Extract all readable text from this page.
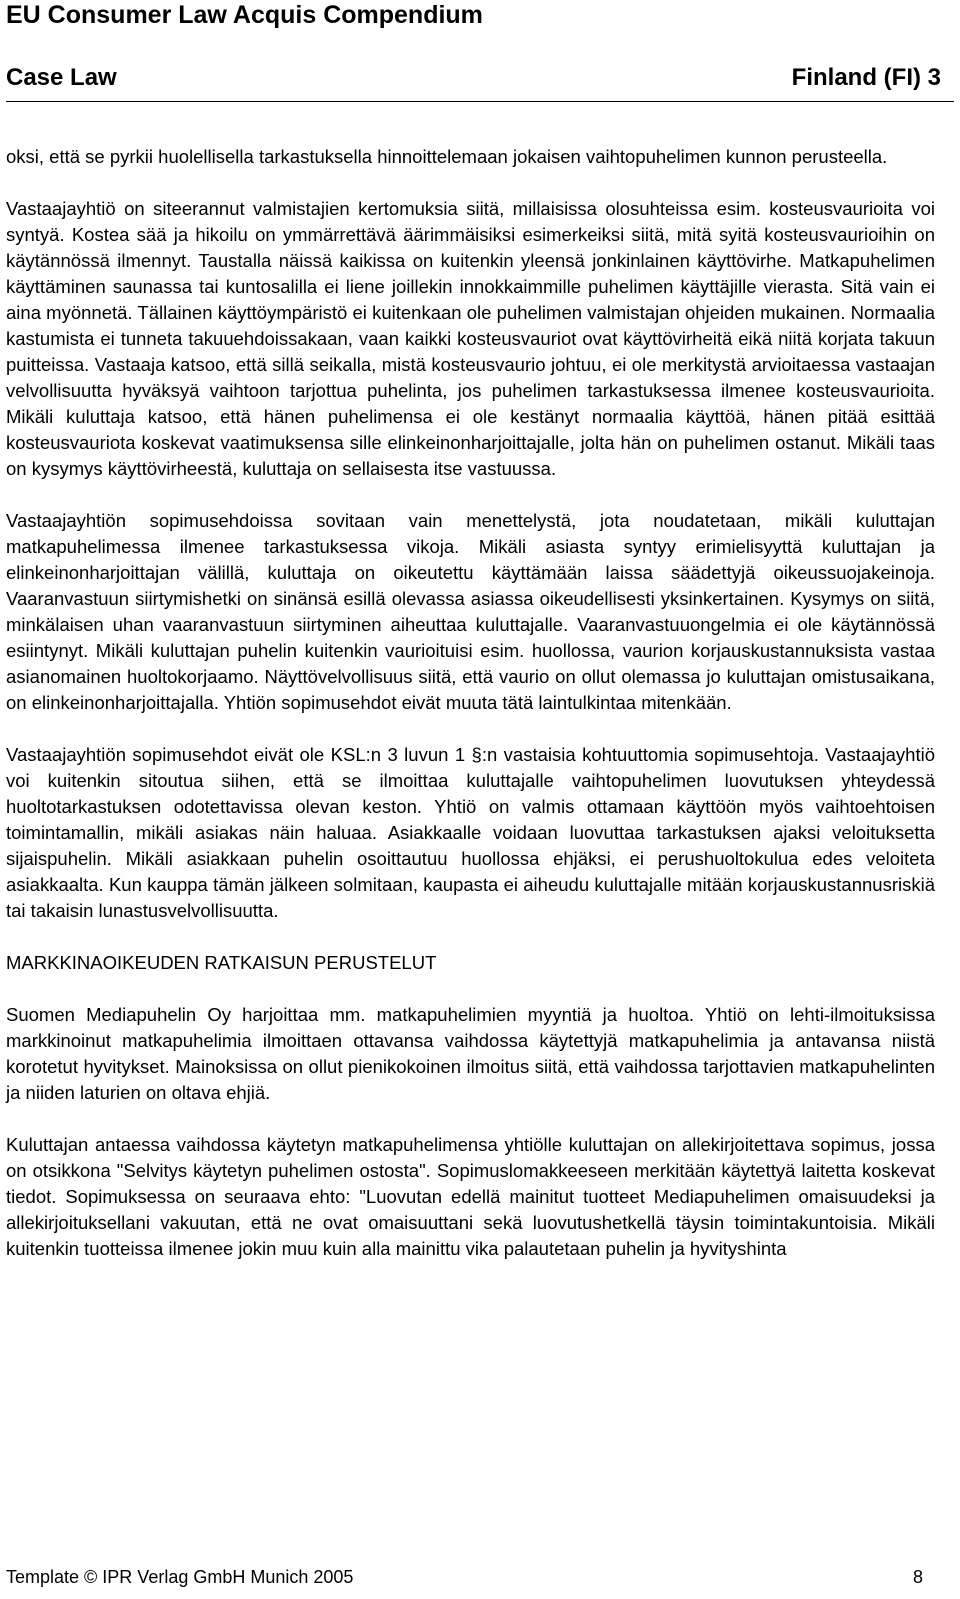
EU Consumer Law Acquis Compendium
Case Law	Finland (FI) 3

oksi, että se pyrkii huolellisella tarkastuksella hinnoittelemaan jokaisen vaihtopuhelimen kunnon perusteella.

Vastaajayhtiö on siteerannut valmistajien kertomuksia siitä, millaisissa olosuhteissa esim. kosteusvaurioita voi syntyä. Kostea sää ja hikoilu on ymmärrettävä äärimmäisiksi esimerkeiksi siitä, mitä syitä kosteusvaurioihin on käytännössä ilmennyt. Taustalla näissä kaikissa on kuitenkin yleensä jonkinlainen käyttövirhe. Matkapuhelimen käyttäminen saunassa tai kuntosalilla ei liene joillekin innokkaimmille puhelimen käyttäjille vierasta. Sitä vain ei aina myönnetä. Tällainen käyttöympäristö ei kuitenkaan ole puhelimen valmistajan ohjeiden mukainen. Normaalia kastumista ei tunneta takuuehdoissakaan, vaan kaikki kosteusvauriot ovat käyttövirheitä eikä niitä korjata takuun puitteissa. Vastaaja katsoo, että sillä seikalla, mistä kosteusvaurio johtuu, ei ole merkitystä arvioitaessa vastaajan velvollisuutta hyväksyä vaihtoon tarjottua puhelinta, jos puhelimen tarkastuksessa ilmenee kosteusvaurioita. Mikäli kuluttaja katsoo, että hänen puhelimensa ei ole kestänyt normaalia käyttöä, hänen pitää esittää kosteusvauriota koskevat vaatimuksensa sille elinkeinonharjoittajalle, jolta hän on puhelimen ostanut. Mikäli taas on kysymys käyttövirheestä, kuluttaja on sellaisesta itse vastuussa.

Vastaajayhtiön sopimusehdoissa sovitaan vain menettelystä, jota noudatetaan, mikäli kuluttajan matkapuhelimessa ilmenee tarkastuksessa vikoja. Mikäli asiasta syntyy erimielisyyttä kuluttajan ja elinkeinonharjoittajan välillä, kuluttaja on oikeutettu käyttämään laissa säädettyjä oikeussuojakeinoja. Vaaranvastuun siirtymishetki on sinänsä esillä olevassa asiassa oikeudellisesti yksinkertainen. Kysymys on siitä, minkälaisen uhan vaaranvastuun siirtyminen aiheuttaa kuluttajalle. Vaaranvastuuongelmia ei ole käytännössä esiintynyt. Mikäli kuluttajan puhelin kuitenkin vaurioituisi esim. huollossa, vaurion korjauskustannuksista vastaa asianomainen huoltokorjaamo. Näyttövelvollisuus siitä, että vaurio on ollut olemassa jo kuluttajan omistusaikana, on elinkeinonharjoittajalla. Yhtiön sopimusehdot eivät muuta tätä laintulkintaa mitenkään.

Vastaajayhtiön sopimusehdot eivät ole KSL:n 3 luvun 1 §:n vastaisia kohtuuttomia sopimusehtoja. Vastaajayhtiö voi kuitenkin sitoutua siihen, että se ilmoittaa kuluttajalle vaihtopuhelimen luovutuksen yhteydessä huoltotarkastuksen odotettavissa olevan keston. Yhtiö on valmis ottamaan käyttöön myös vaihtoehtoisen toimintamallin, mikäli asiakas näin haluaa. Asiakkaalle voidaan luovuttaa tarkastuksen ajaksi veloituksetta sijaispuhelin. Mikäli asiakkaan puhelin osoittautuu huollossa ehjäksi, ei perushuoltokulua edes veloiteta asiakkaalta. Kun kauppa tämän jälkeen solmitaan, kaupasta ei aiheudu kuluttajalle mitään korjauskustannusriskiä tai takaisin lunastusvelvollisuutta.

MARKKINAOIKEUDEN RATKAISUN PERUSTELUT

Suomen Mediapuhelin Oy harjoittaa mm. matkapuhelimien myyntiä ja huoltoa. Yhtiö on lehti-ilmoituksissa markkinoinut matkapuhelimia ilmoittaen ottavansa vaihdossa käytettyjä matkapuhelimia ja antavansa niistä korotetut hyvitykset. Mainoksissa on ollut pienikokoinen ilmoitus siitä, että vaihdossa tarjottavien matkapuhelinten ja niiden laturien on oltava ehjiä.

Kuluttajan antaessa vaihdossa käytetyn matkapuhelimensa yhtiölle kuluttajan on allekirjoitettava sopimus, jossa on otsikkona "Selvitys käytetyn puhelimen ostosta". Sopimuslomakkeeseen merkitään käytettyä laitetta koskevat tiedot. Sopimuksessa on seuraava ehto: "Luovutan edellä mainitut tuotteet Mediapuhelimen omaisuudeksi ja allekirjoituksellani vakuutan, että ne ovat omaisuuttani sekä luovutushetkellä täysin toimintakuntoisia. Mikäli kuitenkin tuotteissa ilmenee jokin muu kuin alla mainittu vika palautetaan puhelin ja hyvityshinta

Template © IPR Verlag GmbH Munich 2005	8
